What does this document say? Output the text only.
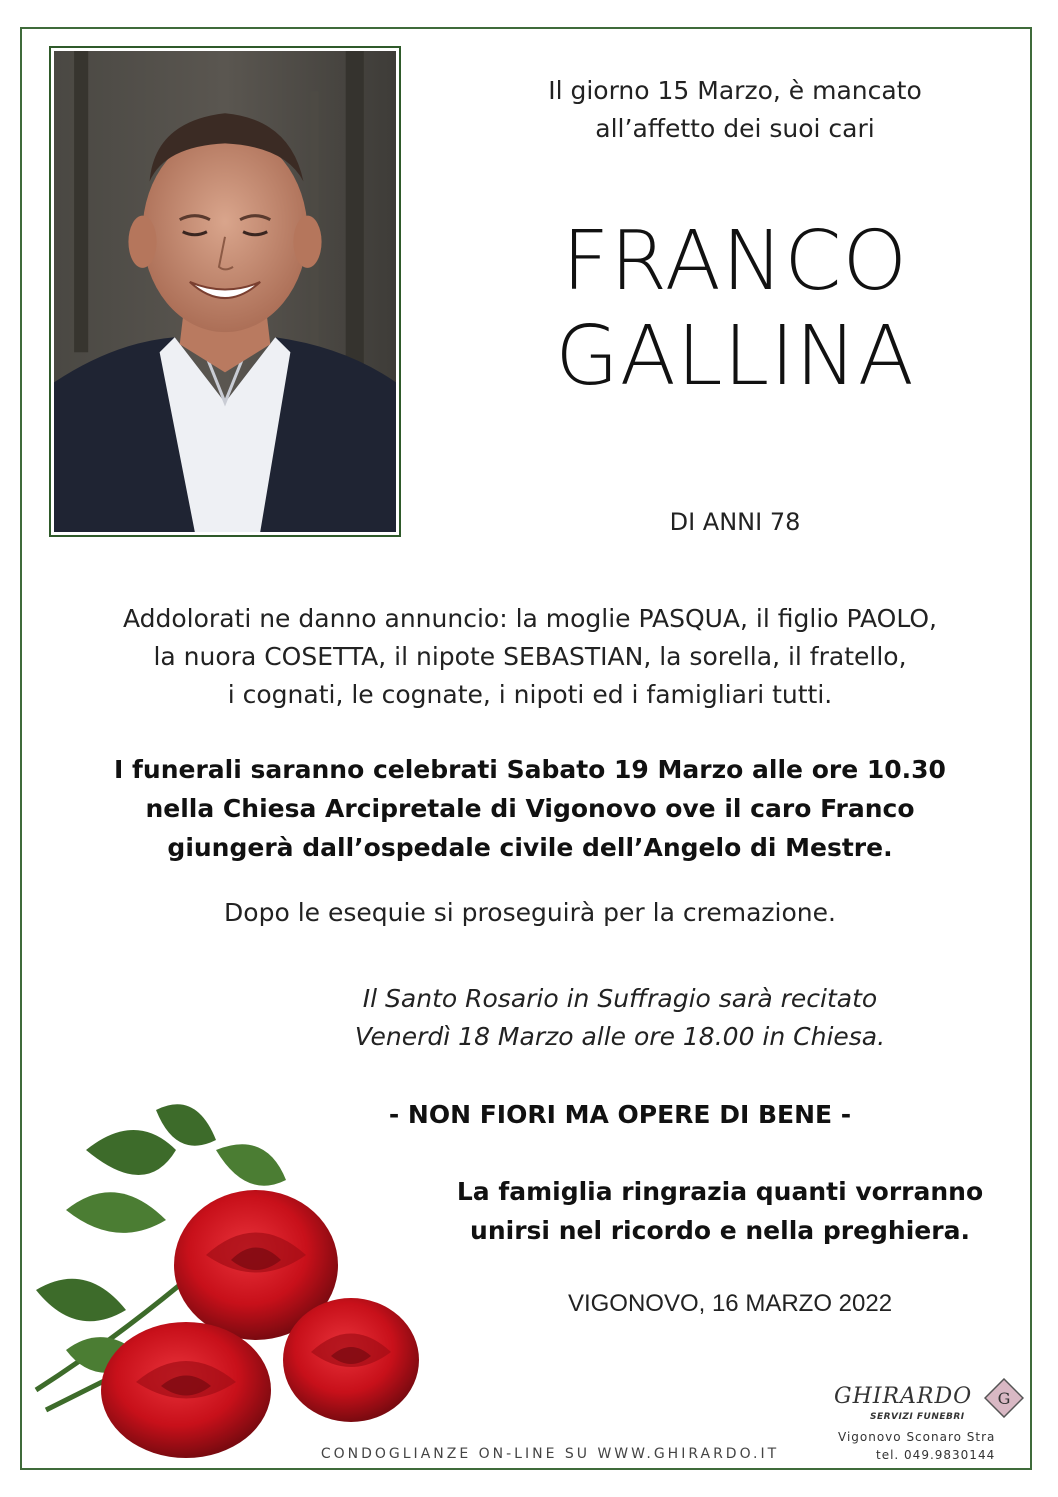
Il giorno 15 Marzo, è mancato
all’affetto dei suoi cari
FRANCO
GALLINA
DI ANNI 78
Addolorati ne danno annuncio: la moglie PASQUA, il figlio PAOLO,
la nuora COSETTA, il nipote SEBASTIAN, la sorella, il fratello,
i cognati, le cognate, i nipoti ed i famigliari tutti.
I funerali saranno celebrati Sabato 19 Marzo alle ore 10.30
nella Chiesa Arcipretale di Vigonovo ove il caro Franco
giungerà dall’ospedale civile dell’Angelo di Mestre.
Dopo le esequie si proseguirà per la cremazione.
Il Santo Rosario in Suffragio sarà recitato
Venerdì 18 Marzo alle ore 18.00 in Chiesa.
- NON FIORI MA OPERE DI BENE -
La famiglia ringrazia quanti vorranno
unirsi nel ricordo e nella preghiera.
VIGONOVO, 16 MARZO 2022
CONDOGLIANZE ON-LINE SU WWW.GHIRARDO.IT
GHIRARDO
SERVIZI FUNEBRI
G
Vigonovo Sconaro Stra
tel. 049.9830144
